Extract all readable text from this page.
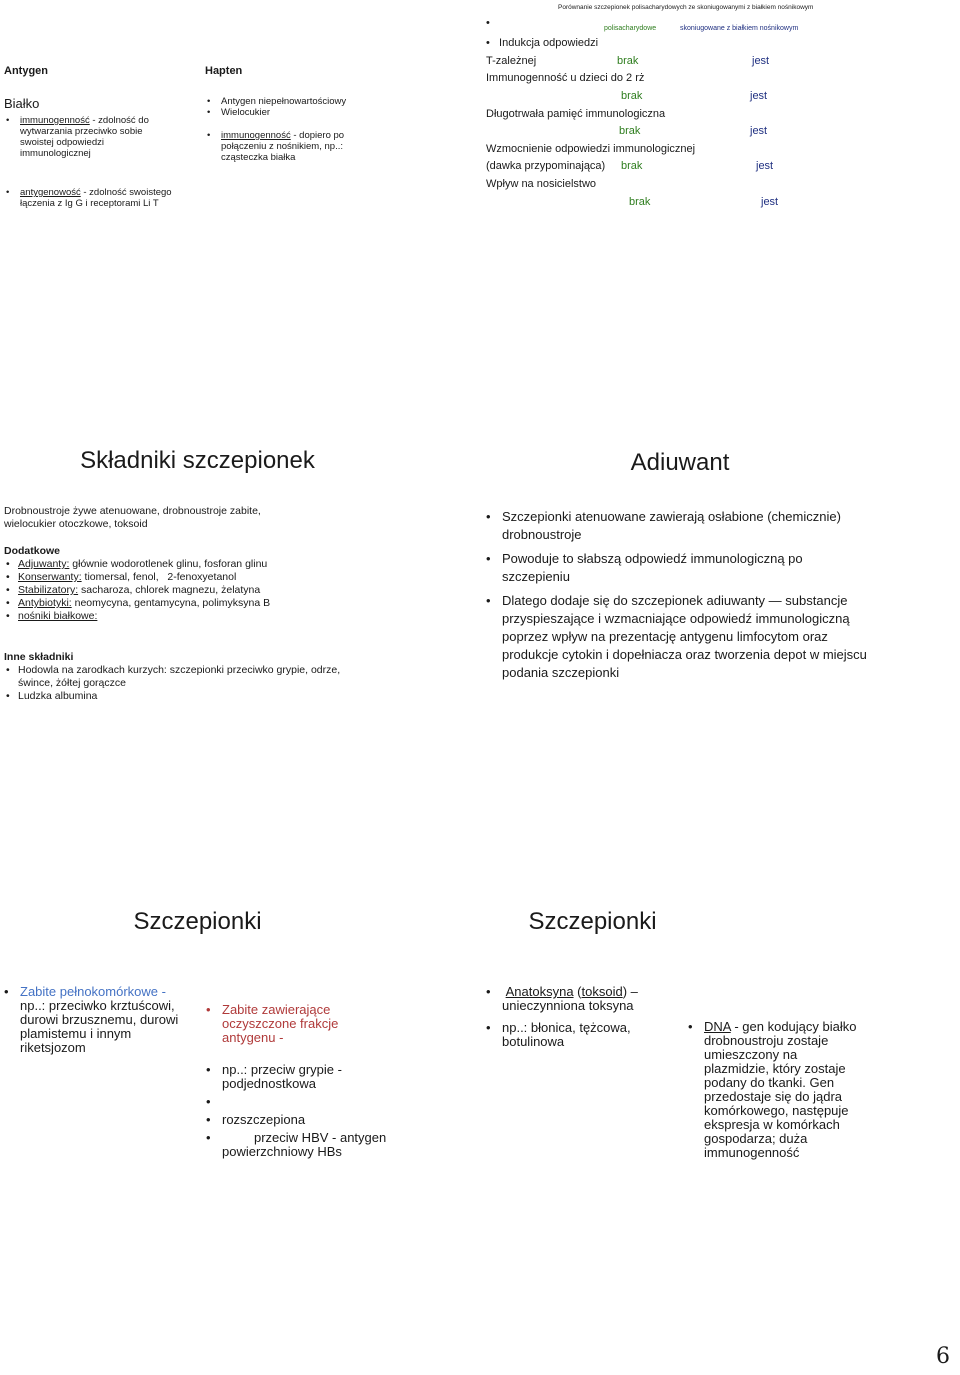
Antygen
Białko
• immunogenność - zdolność do wytwarzania przeciwko sobie swoistej odpowiedzi immunologicznej
• antygenowość - zdolność swoistego łączenia z Ig G i receptorami Li T
Hapten
• Antygen niepełnowartościowy
• Wielocukier
• immunogenność - dopiero po połączeniu z nośnikiem, np..: cząsteczka białka
Porównanie szczepionek polisacharydowych ze skoniugowanymi z białkiem nośnikowym
•	polisacharydowe	skoniugowane z białkiem nośnikowym
•   Indukcja odpowiedzi
T-zależnej	brak	jest
Immunogenność u dzieci do 2 rż
brak	jest
Długotrwała pamięć immunologiczna
brak	jest
Wzmocnienie odpowiedzi immunologicznej
(dawka przypominająca) brak	jest
Wpływ na nosicielstwo
brak	jest
Składniki szczepionek
Drobnoustroje żywe atenuowane, drobnoustroje zabite, wielocukier otoczkowe, toksoid
Dodatkowe
• Adjuwanty: głównie wodorotlenek glinu, fosforan glinu
• Konserwanty: tiomersal, fenol,   2-fenoxyetanol
• Stabilizatory: sacharoza, chlorek magnezu, żelatyna
• Antybiotyki: neomycyna, gentamycyna, polimyksyna B
• nośniki białkowe:
Inne składniki
• Hodowla na zarodkach kurzych: szczepionki przeciwko grypie, odrze, śwince, żółtej gorączce
• Ludzka albumina
Adiuwant
• Szczepionki atenuowane zawierają osłabione (chemicznie) drobnoustroje
• Powoduje to słabszą odpowiedź immunologiczną po szczepieniu
• Dlatego dodaje się do szczepionek adiuwanty — substancje przyspieszające i wzmacniające odpowiedź immunologiczną poprzez wpływ na prezentację antygenu limfocytom oraz produkcje cytokin i dopełniacza oraz tworzenia depot w miejscu podania szczepionki
Szczepionki
• Zabite pełnokomórkowe - np..: przeciwko krztuścowi, durowi brzusznemu, durowi plamistemu i innym riketsjozom
• Zabite zawierające oczyszczone frakcje antygenu -
• np..: przeciw grypie - podjednostkowa
•
• rozszczepiona
• przeciw HBV - antygen powierzchniowy HBs
Szczepionki
• Anatoksyna (toksoid) – unieczynniona toksyna
• np..: błonica, tężcowa, botulinowa
• DNA - gen kodujący białko drobnoustroju zostaje umieszczony na plazmidzie, który zostaje podany do tkanki. Gen przedostaje się do jądra komórkowego, następuje ekspresja w komórkach gospodarza; duża immunogenność
6
